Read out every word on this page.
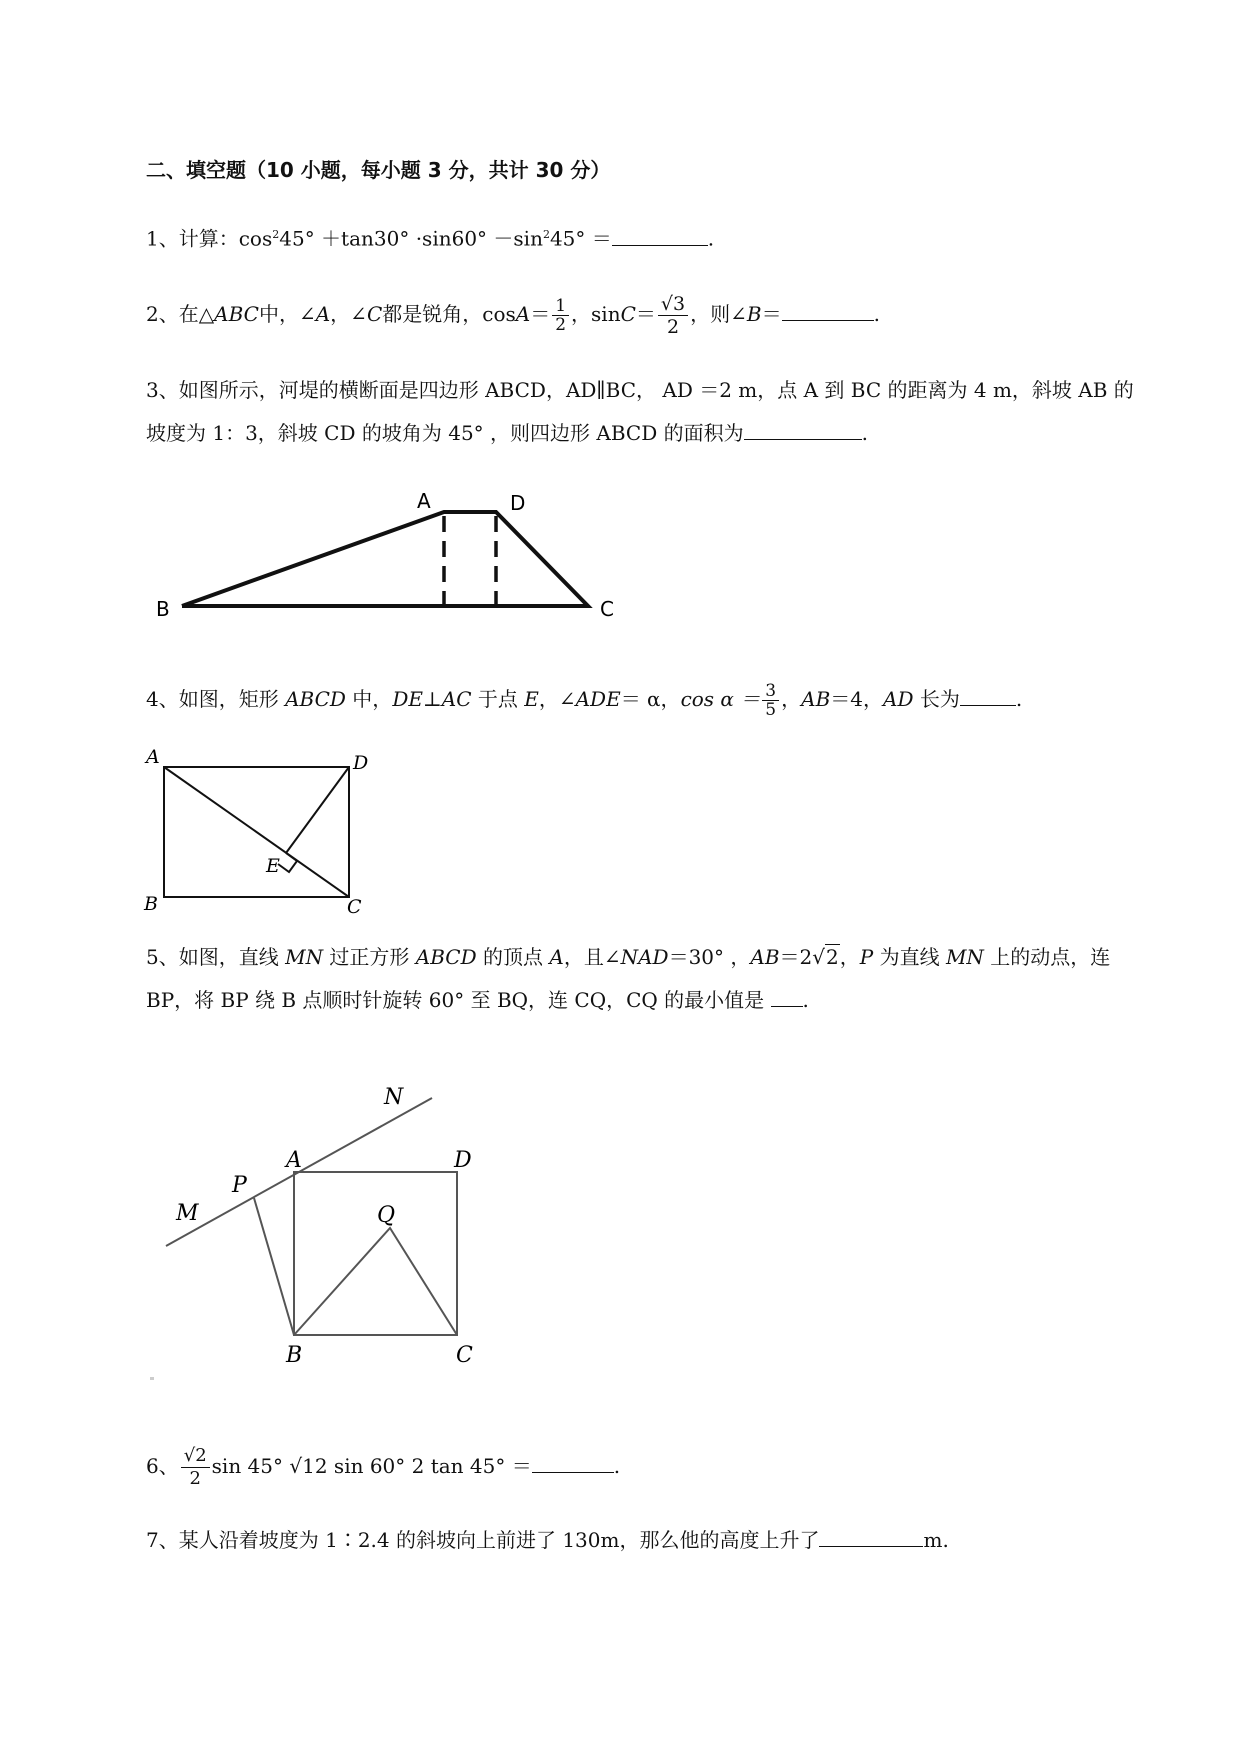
二、填空题（10 小题，每小题 3 分，共计 30 分）
1、计算：$\cos^245^\circ +\tan 30^\circ \cdot\sin 60^\circ -\sin^245^\circ$ ＝	.
2、在△ABC中，∠A，∠C都是锐角，$\cos A= \frac{1}{2}$ ，$\sin C= \frac{√3}{2}$ ，则∠B＝	.
3、如图所示，河堤的横断面是四边形 ABCD，AD∥BC， AD ＝2 m，点 A 到 BC 的距离为 4 m，斜坡 AB 的
坡度为 1：3，斜坡 CD 的坡角为 45° ，则四边形 ABCD 的面积为	.
A	D
B	C
4、如图，矩形 ABCD 中，DE⊥AC 于点 E，∠ADE＝ α，$\cos \alpha = \frac{3}{5}$ ，AB＝4，AD 长为	.
A	D
B	C
E
5、如图，直线 MN 过正方形 ABCD 的顶点 A，且∠NAD＝30° ，AB＝2√2，P 为直线 MN 上的动点，连
BP，将 BP 绕 B 点顺时针旋转 60° 至 BQ，连 CQ，CQ 的最小值是 .
N
M
P
A	D
Q
B	C
6、 $\frac{√2}{2}$ sin 45° √12 sin 60° 2 tan 45° ＝	.
7、某人沿着坡度为 1∶2.4 的斜坡向上前进了 130m，那么他的高度上升了	m.
